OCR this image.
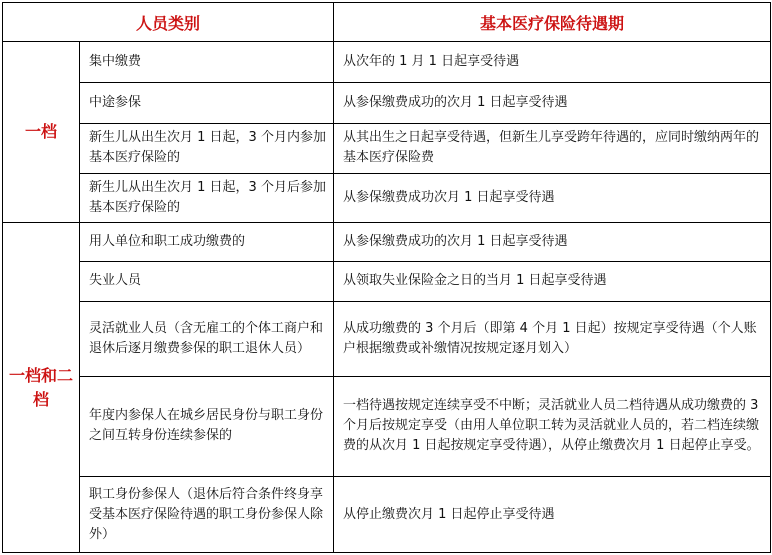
人员类别		基本医疗保险待遇期
一档	集中缴费	从次年的 1 月 1 日起享受待遇
	中途参保	从参保缴费成功的次月 1 日起享受待遇
	新生儿从出生次月 1 日起，3 个月内参加基本医疗保险的	从其出生之日起享受待遇，但新生儿享受跨年待遇的，应同时缴纳两年的基本医疗保险费
	新生儿从出生次月 1 日起，3 个月后参加基本医疗保险的	从参保缴费成功次月 1 日起享受待遇
一档和二档	用人单位和职工成功缴费的	从参保缴费成功的次月 1 日起享受待遇
	失业人员	从领取失业保险金之日的当月 1 日起享受待遇
	灵活就业人员（含无雇工的个体工商户和退休后逐月缴费参保的职工退休人员）	从成功缴费的 3 个月后（即第 4 个月 1 日起）按规定享受待遇（个人账户根据缴费或补缴情况按规定逐月划入）
	年度内参保人在城乡居民身份与职工身份之间互转身份连续参保的	一档待遇按规定连续享受不中断；灵活就业人员二档待遇从成功缴费的 3 个月后按规定享受（由用人单位职工转为灵活就业人员的，若二档连续缴费的从次月 1 日起按规定享受待遇），从停止缴费次月 1 日起停止享受。
	职工身份参保人（退休后符合条件终身享受基本医疗保险待遇的职工身份参保人除外）	从停止缴费次月 1 日起停止享受待遇
